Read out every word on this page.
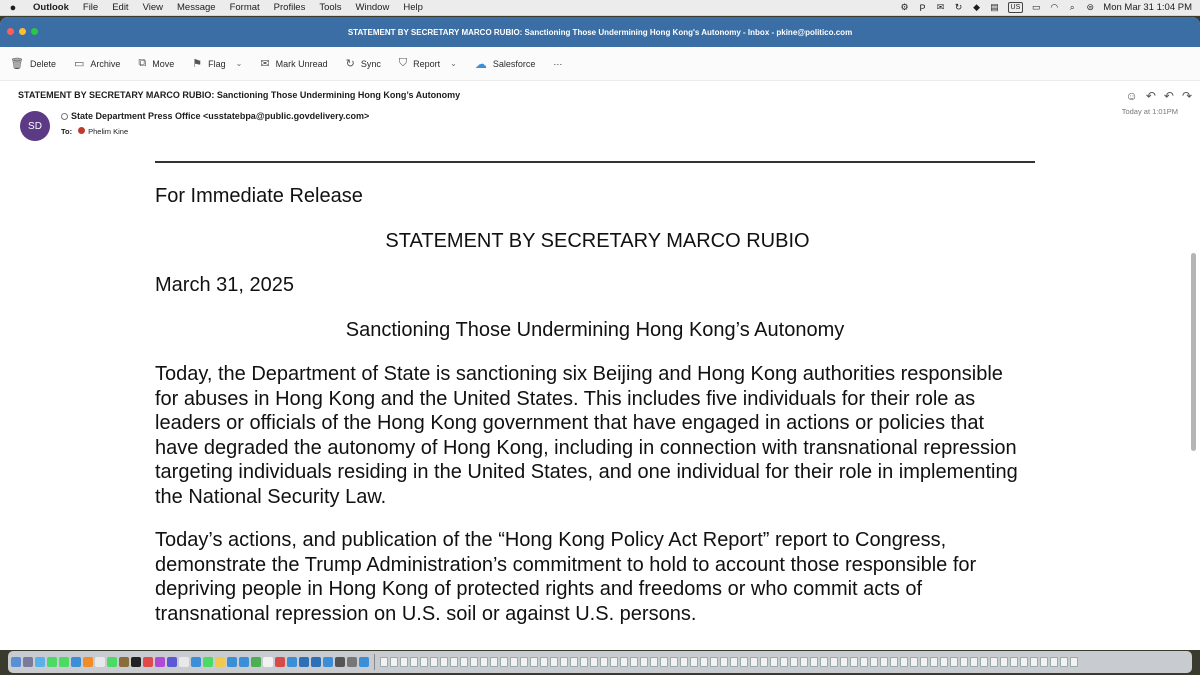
●	Outlook	File	Edit	View	Message	Format	Profiles	Tools	Window	Help	⚙ P ✉ ↻ ◆ ▤	US	▭ ◠ ⌕ ⊜ Mon Mar 31 1:04 PM
STATEMENT BY SECRETARY MARCO RUBIO: Sanctioning Those Undermining Hong Kong's Autonomy - Inbox - pkine@politico.com
🗑︎ Delete ▭ Archive ⧉ Move ⚑ Flag ⌄ ✉ Mark Unread ↻ Sync ⛉ Report ⌄ ☁ Salesforce ···
STATEMENT BY SECRETARY MARCO RUBIO: Sanctioning Those Undermining Hong Kong’s Autonomy	☺ ↶ ↶ ↷
SD
State Department Press Office <usstatebpa@public.govdelivery.com>
To:	Phelim Kine
Today at 1:01PM
For Immediate Release
STATEMENT BY SECRETARY MARCO RUBIO
March 31, 2025
Sanctioning Those Undermining Hong Kong’s Autonomy
Today, the Department of State is sanctioning six Beijing and Hong Kong authorities responsible
for abuses in Hong Kong and the United States. This includes five individuals for their role as
leaders or officials of the Hong Kong government that have engaged in actions or policies that
have degraded the autonomy of Hong Kong, including in connection with transnational repression
targeting individuals residing in the United States, and one individual for their role in implementing
the National Security Law.
Today’s actions, and publication of the “Hong Kong Policy Act Report” report to Congress,
demonstrate the Trump Administration’s commitment to hold to account those responsible for
depriving people in Hong Kong of protected rights and freedoms or who commit acts of
transnational repression on U.S. soil or against U.S. persons.
